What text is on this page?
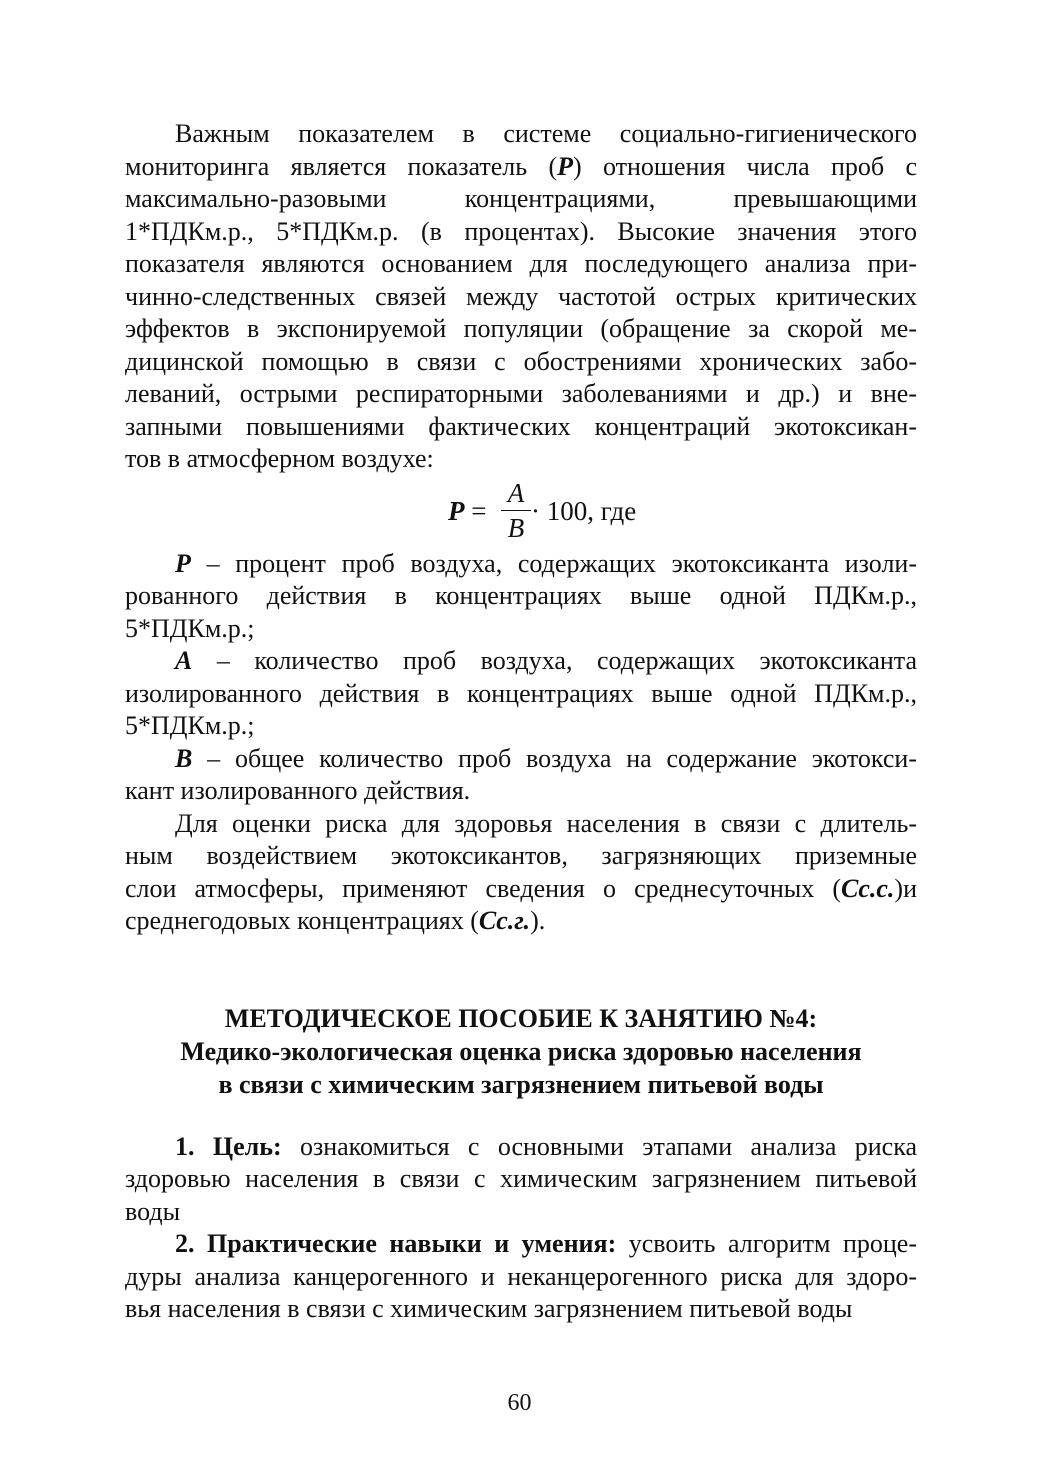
Важным показателем в системе социально-гигиенического
мониторинга является показатель (P) отношения числа проб с
максимально-разовыми концентрациями, превышающими
1*ПДКм.р., 5*ПДКм.р. (в процентах). Высокие значения этого
показателя являются основанием для последующего анализа при-
чинно-следственных связей между частотой острых критических
эффектов в экспонируемой популяции (обращение за скорой ме-
дицинской помощью в связи с обострениями хронических забо-
леваний, острыми респираторными заболеваниями и др.) и вне-
запными повышениями фактических концентраций экотоксикан-
тов в атмосферном воздухе:
P =
A
B
· 100, где
P – процент проб воздуха, содержащих экотоксиканта изоли-
рованного действия в концентрациях выше одной ПДКм.р.,
5*ПДКм.р.;
A – количество проб воздуха, содержащих экотоксиканта
изолированного действия в концентрациях выше одной ПДКм.р.,
5*ПДКм.р.;
B – общее количество проб воздуха на содержание экотокси-
кант изолированного действия.
Для оценки риска для здоровья населения в связи с длитель-
ным воздействием экотоксикантов, загрязняющих приземные
слои атмосферы, применяют сведения о среднесуточных (Cс.с.)и
среднегодовых концентрациях (Cс.г.).
МЕТОДИЧЕСКОЕ ПОСОБИЕ К ЗАНЯТИЮ №4:
Медико-экологическая оценка риска здоровью населения
в связи с химическим загрязнением питьевой воды
1. Цель: ознакомиться с основными этапами анализа риска
здоровью населения в связи с химическим загрязнением питьевой
воды
2. Практические навыки и умения: усвоить алгоритм проце-
дуры анализа канцерогенного и неканцерогенного риска для здоро-
вья населения в связи с химическим загрязнением питьевой воды
60
